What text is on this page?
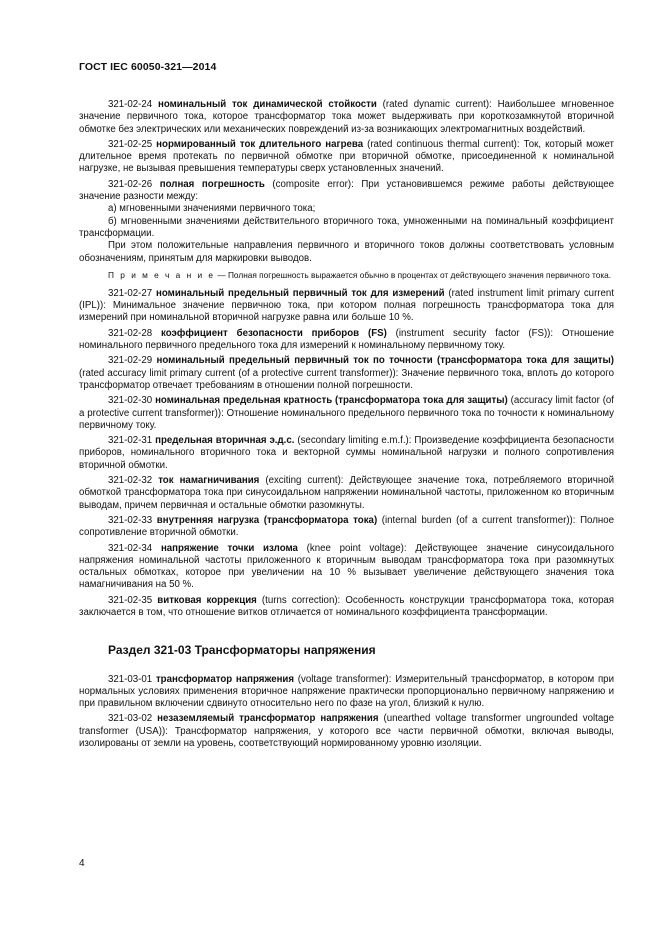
ГОСТ IEC 60050-321—2014

321-02-24 номинальный ток динамической стойкости (rated dynamic current): Наибольшее мгновенное значение первичного тока, которое трансформатор тока может выдерживать при короткозамкнутой вторичной обмотке без электрических или механических повреждений из-за возникающих электромагнитных воздействий.

321-02-25 нормированный ток длительного нагрева (rated continuous thermal current): Ток, который может длительное время протекать по первичной обмотке при вторичной обмотке, присоединенной к номинальной нагрузке, не вызывая превышения температуры сверх установленных значений.

321-02-26 полная погрешность (composite error): При установившемся режиме работы действующее значение разности между:

а) мгновенными значениями первичного тока;

б) мгновенными значениями действительного вторичного тока, умноженными на поминальный коэффициент трансформации.

При этом положительные направления первичного и вторичного токов должны соответствовать условным обозначениям, принятым для маркировки выводов.

П р и м е ч а н и е — Полная погрешность выражается обычно в процентах от действующего значения первичного тока.

321-02-27 номинальный предельный первичный ток для измерений (rated instrument limit primary current (IPL)): Минимальное значение первичною тока, при котором полная погрешность трансформатора тока для измерений при номинальной вторичной нагрузке равна или больше 10 %.

321-02-28 коэффициент безопасности приборов (FS) (instrument security factor (FS)): Отношение номинального первичного предельного тока для измерений к номинальному первичному току.

321-02-29 номинальный предельный первичный ток по точности (трансформатора тока для защиты) (rated accuracy limit primary current (of a protective current transformer)): Значение первичного тока, вплоть до которого трансформатор отвечает требованиям в отношении полной погрешности.

321-02-30 номинальная предельная кратность (трансформатора тока для защиты) (accuracy limit factor (of a protective current transformer)): Отношение номинального предельного первичного тока по точности к номинальному первичному току.

321-02-31 предельная вторичная э.д.с. (secondary limiting e.m.f.): Произведение коэффициента безопасности приборов, номинального вторичного тока и векторной суммы номинальной нагрузки и полного сопротивления вторичной обмотки.

321-02-32 ток намагничивания (exciting current): Действующее значение тока, потребляемого вторичной обмоткой трансформатора тока при синусоидальном напряжении номинальной частоты, приложенном ко вторичным выводам, причем первичная и остальные обмотки разомкнуты.

321-02-33 внутренняя нагрузка (трансформатора тока) (internal burden (of a current transformer)): Полное сопротивление вторичной обмотки.

321-02-34 напряжение точки излома (knee point voltage): Действующее значение синусоидального напряжения номинальной частоты приложенного к вторичным выводам трансформатора тока при разомкнутых остальных обмотках, которое при увеличении на 10 % вызывает увеличение действующего значения тока намагничивания на 50 %.

321-02-35 витковая коррекция (turns correction): Особенность конструкции трансформатора тока, которая заключается в том, что отношение витков отличается от номинального коэффициента трансформации.

Раздел 321-03 Трансформаторы напряжения

321-03-01 трансформатор напряжения (voltage transformer): Измерительный трансформатор, в котором при нормальных условиях применения вторичное напряжение практически пропорционально первичному напряжению и при правильном включении сдвинуто относительно него по фазе на угол, близкий к нулю.

321-03-02 незаземляемый трансформатор напряжения (unearthed voltage transformer ungrounded voltage transformer (USA)): Трансформатор напряжения, у которого все части первичной обмотки, включая выводы, изолированы от земли на уровень, соответствующий нормированному уровню изоляции.

4
